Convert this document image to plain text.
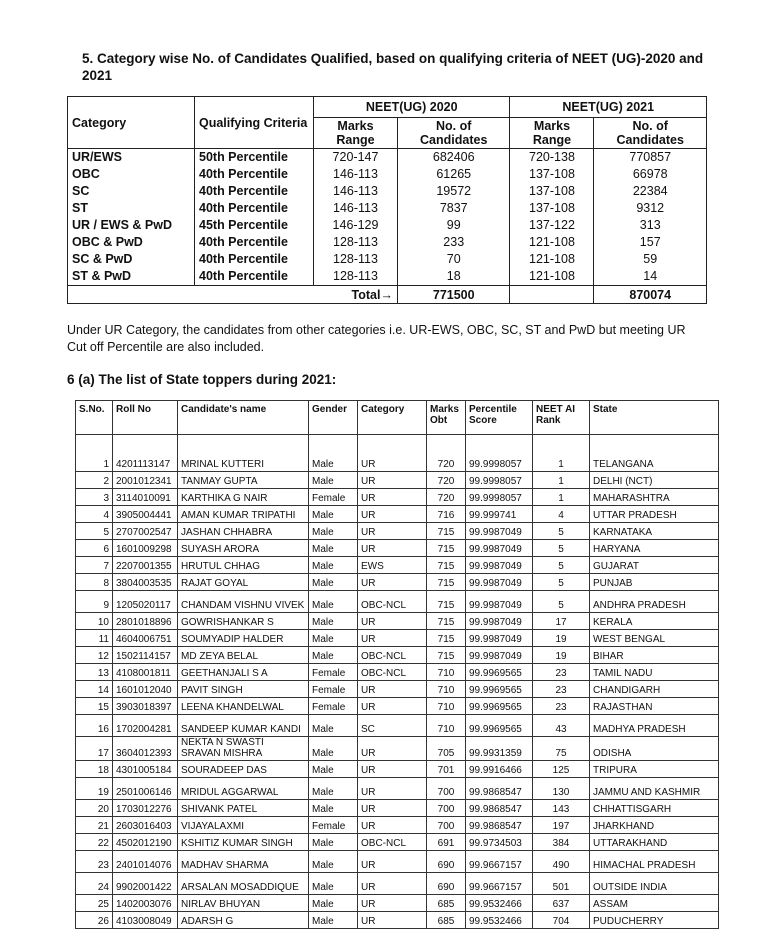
5. Category wise No. of Candidates Qualified, based on qualifying criteria of NEET (UG)-2020 and 2021
Category	Qualifying Criteria	NEET(UG) 2020		NEET(UG) 2021	
		Marks Range	No. of Candidates	Marks Range	No. of Candidates
UR/EWS	50th Percentile	720-147	682406	720-138	770857
OBC	40th Percentile	146-113	61265	137-108	66978
SC	40th Percentile	146-113	19572	137-108	22384
ST	40th Percentile	146-113	7837	137-108	9312
UR / EWS & PwD	45th Percentile	146-129	99	137-122	313
OBC & PwD	40th Percentile	128-113	233	121-108	157
SC & PwD	40th Percentile	128-113	70	121-108	59
ST & PwD	40th Percentile	128-113	18	121-108	14
Total→			771500		870074

Under UR Category, the candidates from other categories i.e. UR-EWS, OBC, SC, ST and PwD but meeting UR Cut off Percentile are also included.

6 (a) The list of State toppers during 2021:
S.No.	Roll No	Candidate's name	Gender	Category	Marks Obt	Percentile Score	NEET AI Rank	State
1	4201113147	MRINAL KUTTERI	Male	UR	720	99.9998057	1	TELANGANA
2	2001012341	TANMAY GUPTA	Male	UR	720	99.9998057	1	DELHI (NCT)
3	3114010091	KARTHIKA G NAIR	Female	UR	720	99.9998057	1	MAHARASHTRA
4	3905004441	AMAN KUMAR TRIPATHI	Male	UR	716	99.999741	4	UTTAR PRADESH
5	2707002547	JASHAN CHHABRA	Male	UR	715	99.9987049	5	KARNATAKA
6	1601009298	SUYASH ARORA	Male	UR	715	99.9987049	5	HARYANA
7	2207001355	HRUTUL CHHAG	Male	EWS	715	99.9987049	5	GUJARAT
8	3804003535	RAJAT GOYAL	Male	UR	715	99.9987049	5	PUNJAB
9	1205020117	CHANDAM VISHNU VIVEK	Male	OBC-NCL	715	99.9987049	5	ANDHRA PRADESH
10	2801018896	GOWRISHANKAR S	Male	UR	715	99.9987049	17	KERALA
11	4604006751	SOUMYADIP HALDER	Male	UR	715	99.9987049	19	WEST BENGAL
12	1502114157	MD ZEYA BELAL	Male	OBC-NCL	715	99.9987049	19	BIHAR
13	4108001811	GEETHANJALI S A	Female	OBC-NCL	710	99.9969565	23	TAMIL NADU
14	1601012040	PAVIT SINGH	Female	UR	710	99.9969565	23	CHANDIGARH
15	3903018397	LEENA KHANDELWAL	Female	UR	710	99.9969565	23	RAJASTHAN
16	1702004281	SANDEEP KUMAR KANDI	Male	SC	710	99.9969565	43	MADHYA PRADESH
17	3604012393	NEKTA N SWASTI SRAVAN MISHRA	Male	UR	705	99.9931359	75	ODISHA
18	4301005184	SOURADEEP DAS	Male	UR	701	99.9916466	125	TRIPURA
19	2501006146	MRIDUL AGGARWAL	Male	UR	700	99.9868547	130	JAMMU AND KASHMIR
20	1703012276	SHIVANK PATEL	Male	UR	700	99.9868547	143	CHHATTISGARH
21	2603016403	VIJAYALAXMI	Female	UR	700	99.9868547	197	JHARKHAND
22	4502012190	KSHITIZ KUMAR SINGH	Male	OBC-NCL	691	99.9734503	384	UTTARAKHAND
23	2401014076	MADHAV SHARMA	Male	UR	690	99.9667157	490	HIMACHAL PRADESH
24	9902001422	ARSALAN MOSADDIQUE	Male	UR	690	99.9667157	501	OUTSIDE INDIA
25	1402003076	NIRLAV BHUYAN	Male	UR	685	99.9532466	637	ASSAM
26	4103008049	ADARSH G	Male	UR	685	99.9532466	704	PUDUCHERRY
